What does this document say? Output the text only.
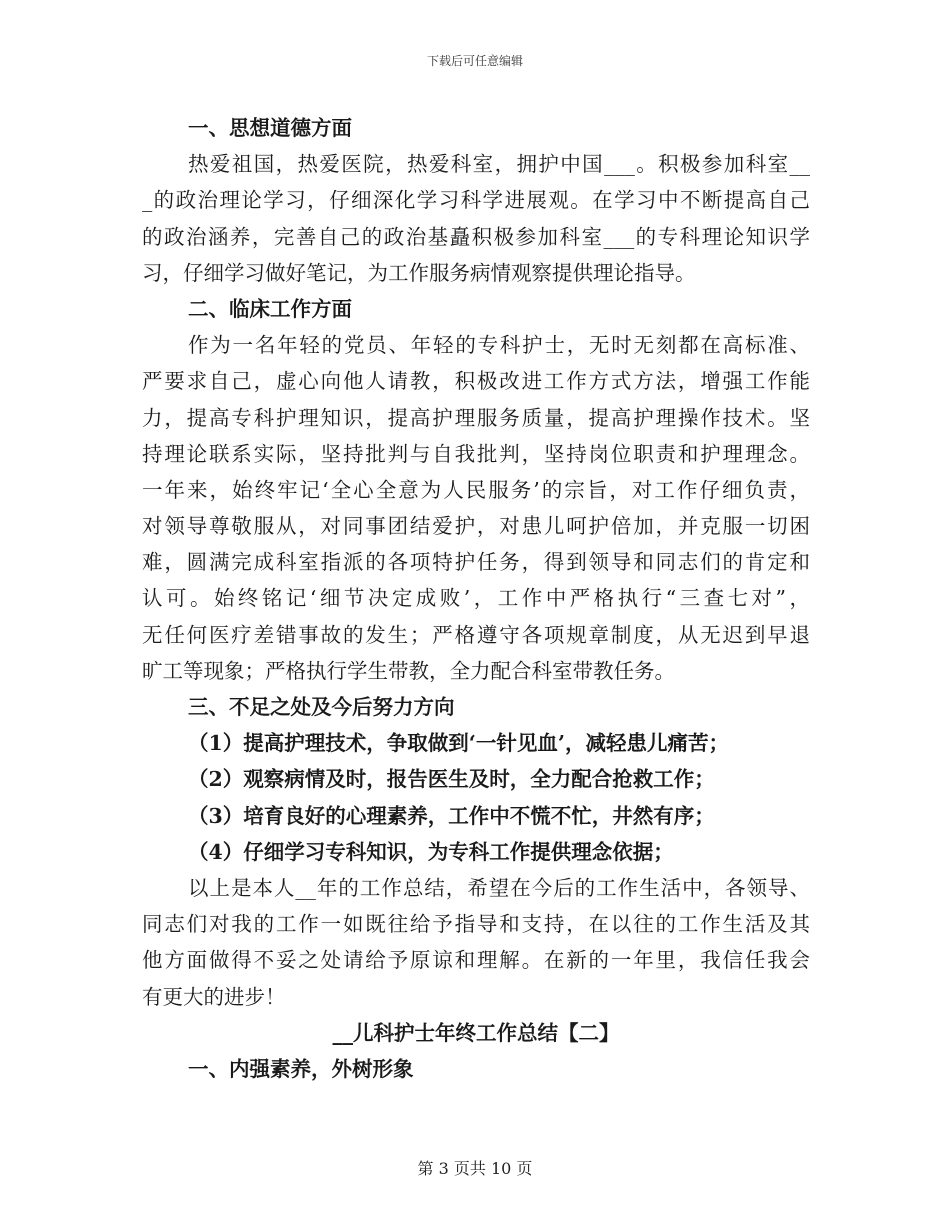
下载后可任意编辑
一、思想道德方面
热爱祖国，热爱医院，热爱科室，拥护中国___。积极参加科室__
_的政治理论学习，仔细深化学习科学进展观。在学习中不断提高自己
的政治涵养，完善自己的政治基矗积极参加科室___的专科理论知识学
习，仔细学习做好笔记，为工作服务病情观察提供理论指导。
二、临床工作方面
作为一名年轻的党员、年轻的专科护士，无时无刻都在高标准、
严要求自己，虚心向他人请教，积极改进工作方式方法，增强工作能
力，提高专科护理知识，提高护理服务质量，提高护理操作技术。坚
持理论联系实际，坚持批判与自我批判，坚持岗位职责和护理理念。
一年来，始终牢记‘全心全意为人民服务’的宗旨，对工作仔细负责，
对领导尊敬服从，对同事团结爱护，对患儿呵护倍加，并克服一切困
难，圆满完成科室指派的各项特护任务，得到领导和同志们的肯定和
认可。始终铭记‘细节决定成败’，工作中严格执行“三查七对”，
无任何医疗差错事故的发生；严格遵守各项规章制度，从无迟到早退
旷工等现象；严格执行学生带教，全力配合科室带教任务。
三、不足之处及今后努力方向
（1）提高护理技术，争取做到‘一针见血’，减轻患儿痛苦；
（2）观察病情及时，报告医生及时，全力配合抢救工作；
（3）培育良好的心理素养，工作中不慌不忙，井然有序；
（4）仔细学习专科知识，为专科工作提供理念依据；
以上是本人__年的工作总结，希望在今后的工作生活中，各领导、
同志们对我的工作一如既往给予指导和支持，在以往的工作生活及其
他方面做得不妥之处请给予原谅和理解。在新的一年里，我信任我会
有更大的进步！
__儿科护士年终工作总结【二】
一、内强素养，外树形象
第 3 页共 10 页
